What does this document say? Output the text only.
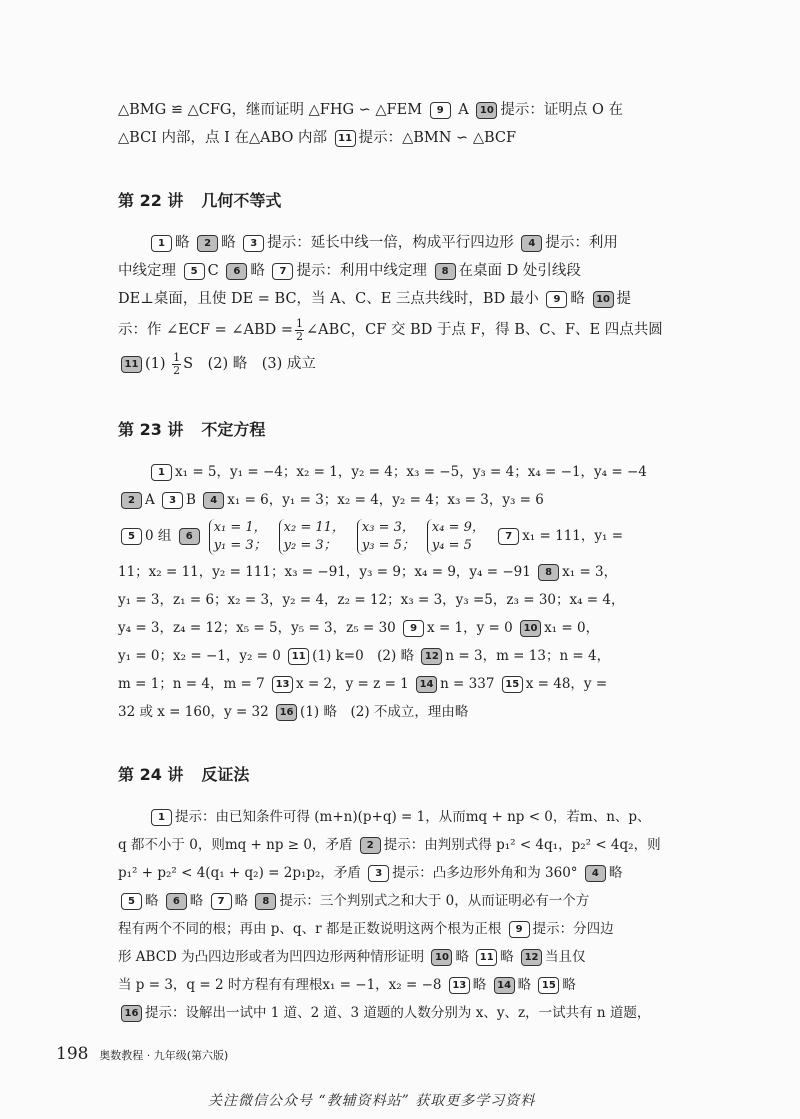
△BMG ≌ △CFG，继而证明 △FHG ∽ △FEM 9 A 10 提示：证明点 O 在
△BCI 内部，点 I 在△ABO 内部 11 提示：△BMN ∽ △BCF

第 22 讲 几何不等式

1 略 2 略 3 提示：延长中线一倍，构成平行四边形 4 提示：利用
中线定理 5 C 6 略 7 提示：利用中线定理 8 在桌面 D 处引线段
DE⊥桌面，且使 DE = BC，当 A、C、E 三点共线时，BD 最小 9 略 10 提
示：作 ∠ECF = ∠ABD = $\frac{1}{2}$ ∠ABC，CF 交 BD 于点 F，得 B、C、F、E 四点共圆
11 $(1) \frac{1}{2}$ S　(2) 略　(3) 成立

第 23 讲 不定方程

1 x₁ = 5，y₁ = −4；x₂ = 1，y₂ = 4；x₃ = −5，y₃ = 4；x₄ = −1，y₄ = −4
2 A 3 B 4 x₁ = 6，y₁ = 3；x₂ = 4，y₂ = 4；x₃ = 3，y₃ = 6
5 0 组 6x₁ = 1，
y₁ = 3；x₂ = 11，
y₂ = 3；x₃ = 3，
y₃ = 5；x₄ = 9，
y₄ = 5 7 x₁ = 111，y₁ =
11；x₂ = 11，y₂ = 111；x₃ = −91，y₃ = 9；x₄ = 9，y₄ = −91 8 x₁ = 3，
y₁ = 3，z₁ = 6；x₂ = 3，y₂ = 4，z₂ = 12；x₃ = 3，y₃ =5，z₃ = 30；x₄ = 4，
y₄ = 3，z₄ = 12；x₅ = 5，y₅ = 3，z₅ = 30 9 x = 1，y = 0 10 x₁ = 0，
y₁ = 0；x₂ = −1，y₂ = 0 11 (1) k=0　(2) 略 12 n = 3，m = 13；n = 4，
m = 1；n = 4，m = 7 13 x = 2，y = z = 1 14 n = 337 15 x = 48，y =
32 或 x = 160，y = 32 16 (1) 略　(2) 不成立，理由略

第 24 讲 反证法

1 提示：由已知条件可得 (m+n)(p+q) = 1，从而mq + np < 0，若m、n、p、
q 都不小于 0，则mq + np ≥ 0，矛盾 2 提示：由判别式得 p₁² < 4q₁，p₂² < 4q₂，则
p₁² + p₂² < 4(q₁ + q₂) = 2p₁p₂，矛盾 3 提示：凸多边形外角和为 360° 4 略
5 略 6 略 7 略 8 提示：三个判别式之和大于 0，从而证明必有一个方
程有两个不同的根；再由 p、q、r 都是正数说明这两个根为正根 9 提示：分四边
形 ABCD 为凸四边形或者为凹四边形两种情形证明 10 略 11 略 12 当且仅
当 p = 3，q = 2 时方程有有理根x₁ = −1，x₂ = −8 13 略 14 略 15 略
16 提示：设解出一试中 1 道、2 道、3 道题的人数分别为 x、y、z，一试共有 n 道题，

198 奥数教程 · 九年级(第六版)
关注微信公众号 “教辅资料站” 获取更多学习资料
